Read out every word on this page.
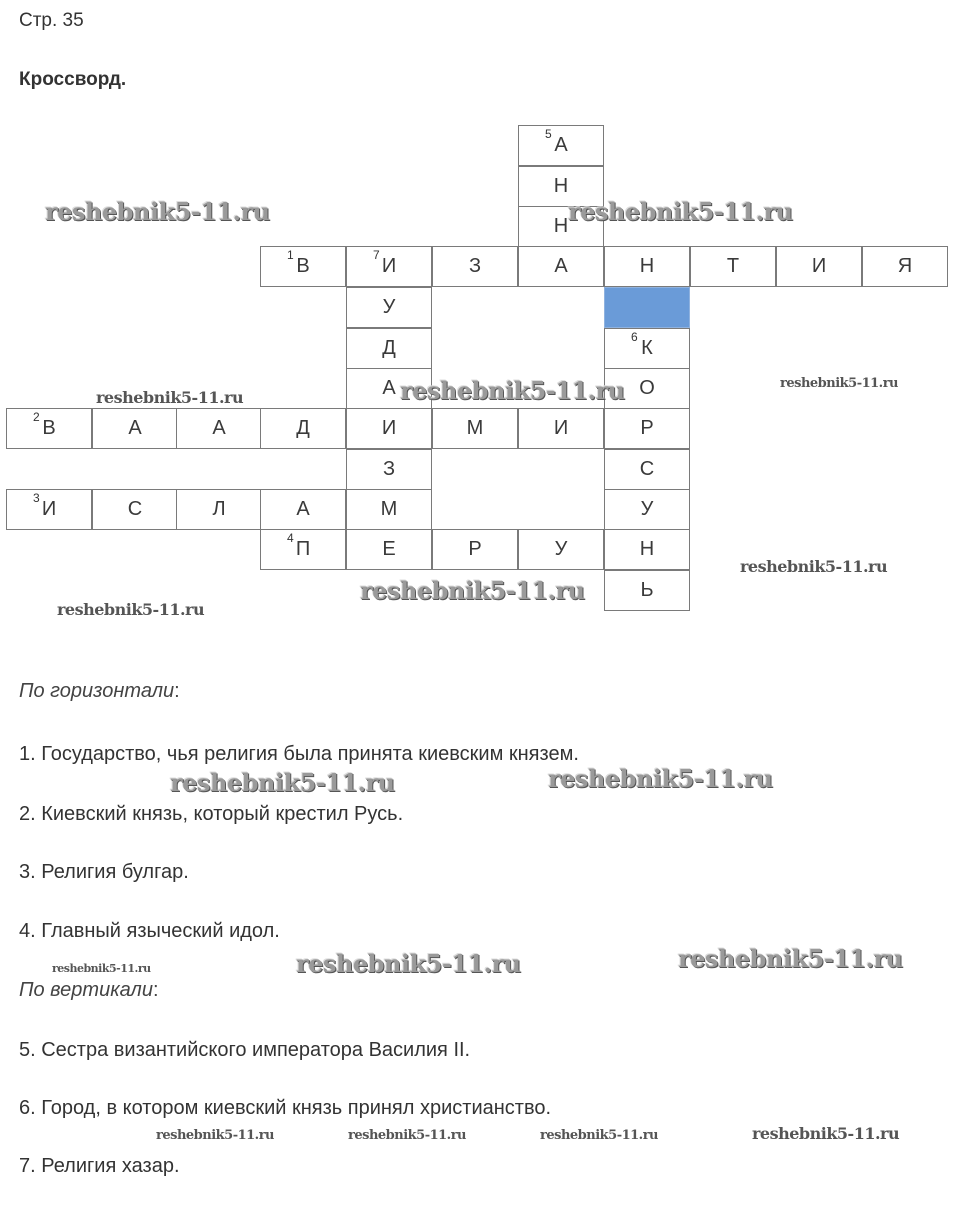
Стр. 35
Кроссворд.
5 А
Н
Н
1 В	7 И	З	А	Н	Т	И	Я
У
Д
А
6 К
О
2 В	А	А	Д	И	М	И	Р
З	С
3 И	С	Л	А	М	У
4 П	Е	Р	У	Н
Ь
По горизонтали:
1. Государство, чья религия была принята киевским князем.
2. Киевский князь, который крестил Русь.
3. Религия булгар.
4. Главный языческий идол.
По вертикали:
5. Сестра византийского императора Василия II.
6. Город, в котором киевский князь принял христианство.
7. Религия хазар.
reshebnik5-11.ru	reshebnik5-11.ru
reshebnik5-11.ru
reshebnik5-11.ru
reshebnik5-11.ru
reshebnik5-11.ru
reshebnik5-11.ru
reshebnik5-11.ru
reshebnik5-11.ru	reshebnik5-11.ru
reshebnik5-11.ru	reshebnik5-11.ru	reshebnik5-11.ru
reshebnik5-11.ru	reshebnik5-11.ru	reshebnik5-11.ru	reshebnik5-11.ru
